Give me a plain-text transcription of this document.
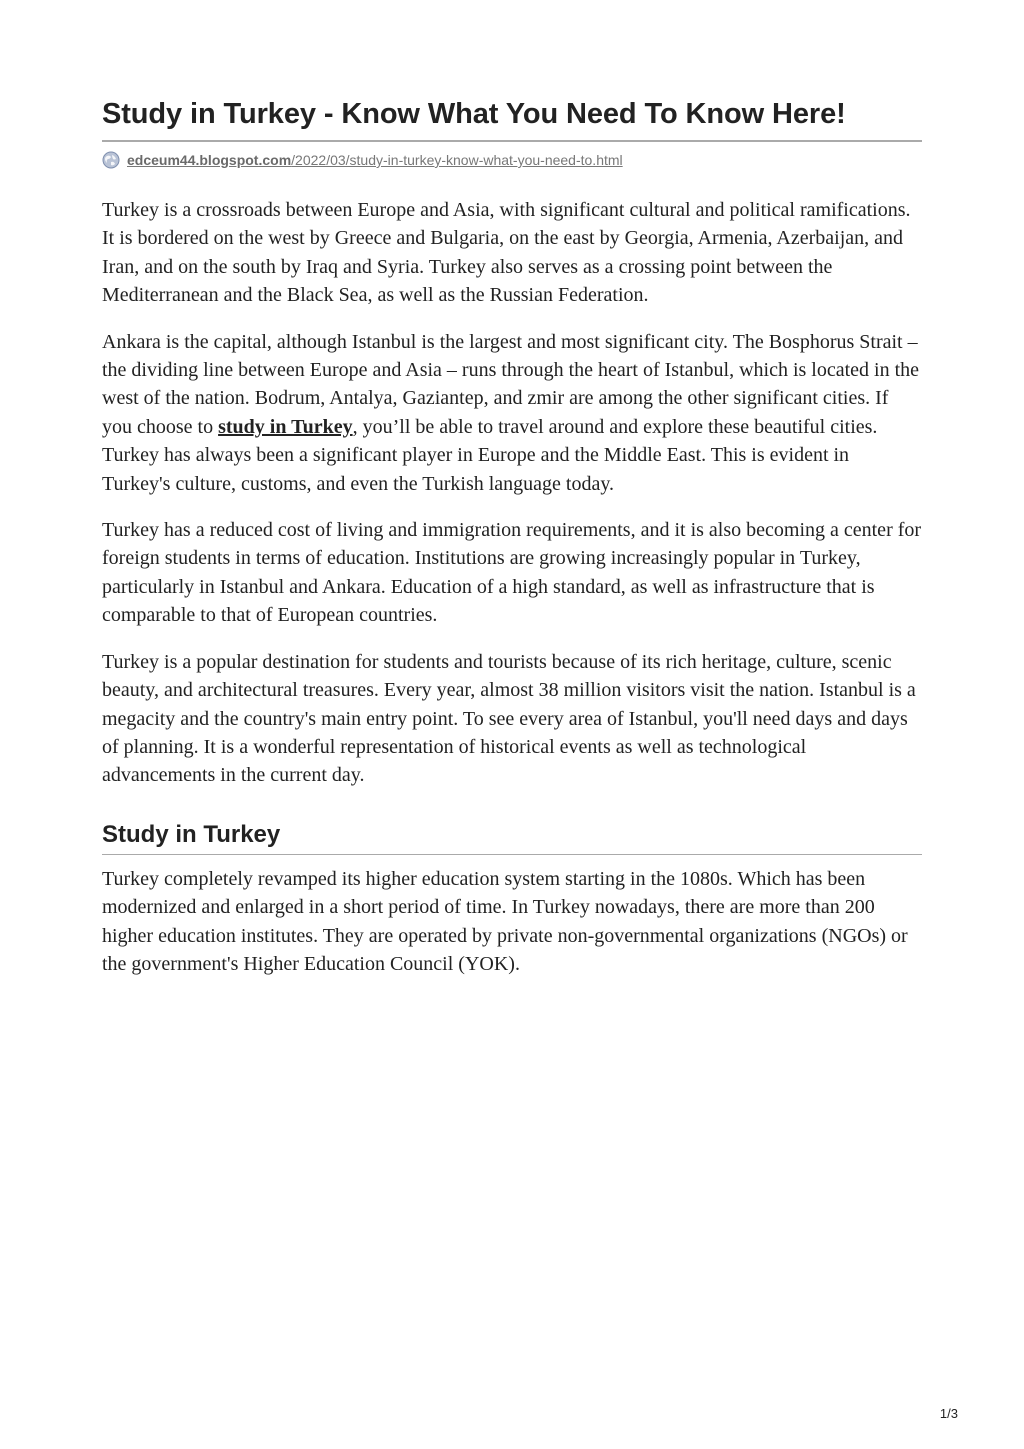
Study in Turkey - Know What You Need To Know Here!
edceum44.blogspot.com/2022/03/study-in-turkey-know-what-you-need-to.html

Turkey is a crossroads between Europe and Asia, with significant cultural and political ramifications. It is bordered on the west by Greece and Bulgaria, on the east by Georgia, Armenia, Azerbaijan, and Iran, and on the south by Iraq and Syria. Turkey also serves as a crossing point between the Mediterranean and the Black Sea, as well as the Russian Federation.

Ankara is the capital, although Istanbul is the largest and most significant city. The Bosphorus Strait – the dividing line between Europe and Asia – runs through the heart of Istanbul, which is located in the west of the nation. Bodrum, Antalya, Gaziantep, and zmir are among the other significant cities. If you choose to study in Turkey, you’ll be able to travel around and explore these beautiful cities. Turkey has always been a significant player in Europe and the Middle East. This is evident in Turkey's culture, customs, and even the Turkish language today.

Turkey has a reduced cost of living and immigration requirements, and it is also becoming a center for foreign students in terms of education. Institutions are growing increasingly popular in Turkey, particularly in Istanbul and Ankara. Education of a high standard, as well as infrastructure that is comparable to that of European countries.

Turkey is a popular destination for students and tourists because of its rich heritage, culture, scenic beauty, and architectural treasures. Every year, almost 38 million visitors visit the nation. Istanbul is a megacity and the country's main entry point. To see every area of Istanbul, you'll need days and days of planning. It is a wonderful representation of historical events as well as technological advancements in the current day.

Study in Turkey

Turkey completely revamped its higher education system starting in the 1080s. Which has been modernized and enlarged in a short period of time. In Turkey nowadays, there are more than 200 higher education institutes. They are operated by private non-governmental organizations (NGOs) or the government's Higher Education Council (YOK).

1/3
